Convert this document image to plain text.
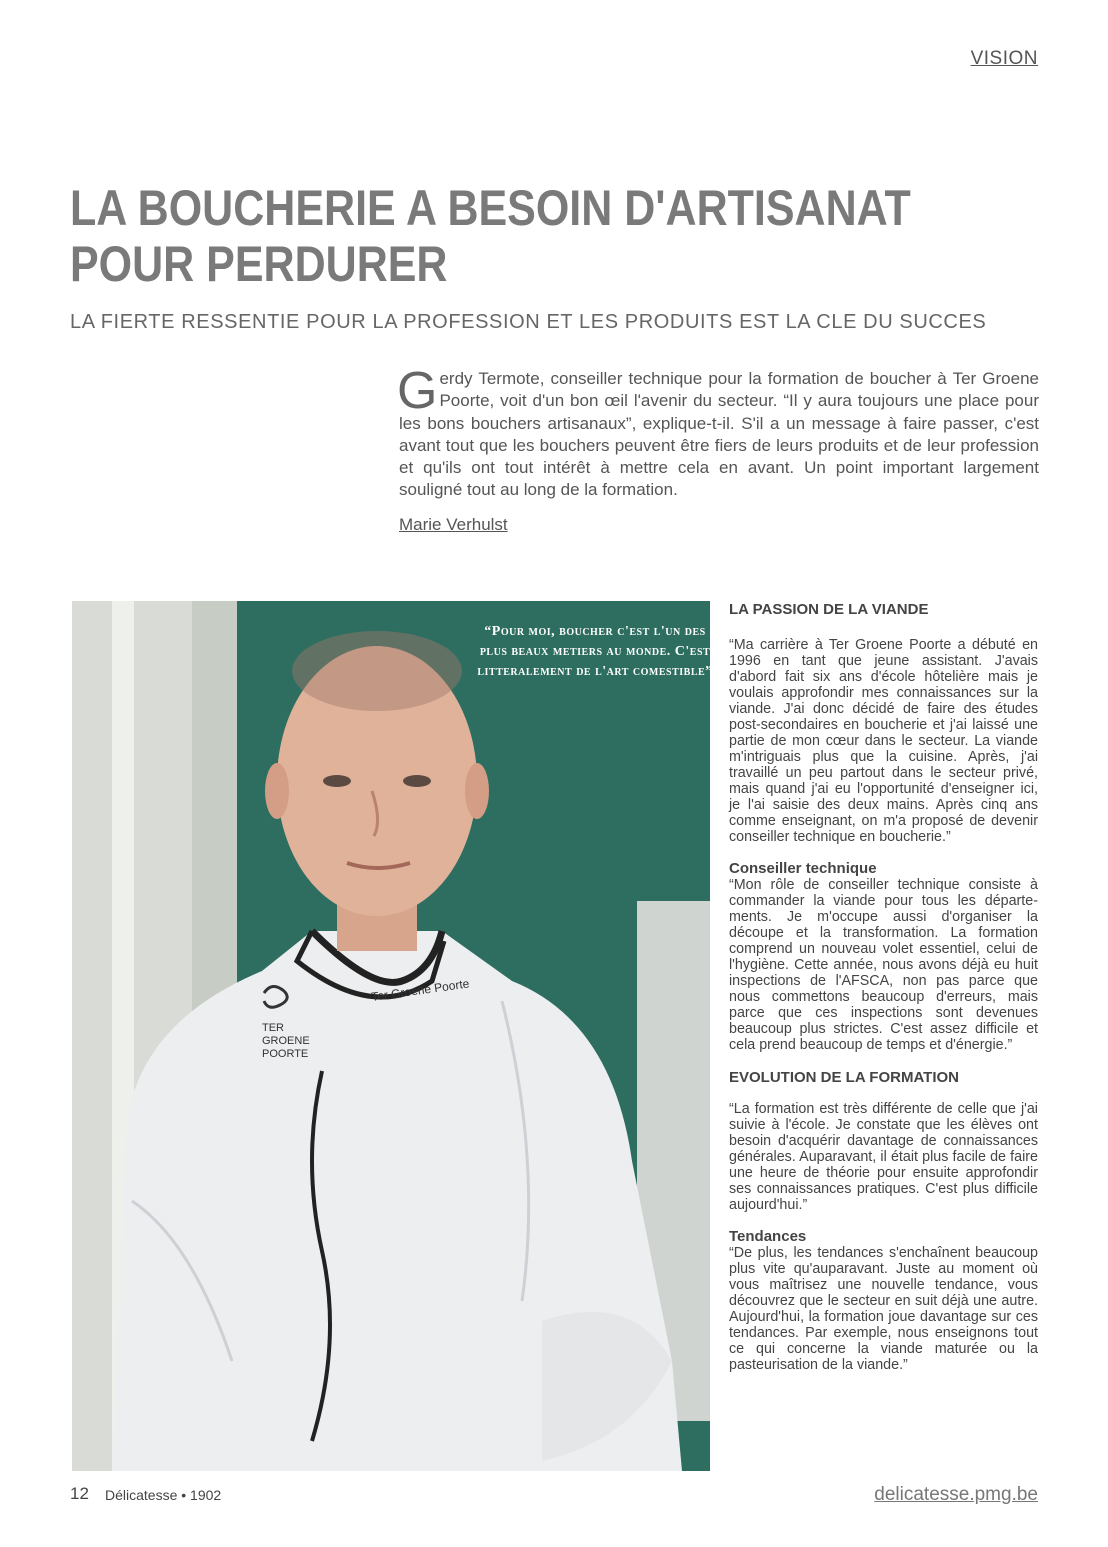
VISION
LA BOUCHERIE A BESOIN D'ARTISANAT
POUR PERDURER
LA FIERTE RESSENTIE POUR LA PROFESSION ET LES PRODUITS EST LA CLE DU SUCCES
Gerdy Termote, conseiller technique pour la formation de boucher à Ter Groene Poorte, voit d'un bon œil l'avenir du secteur. “Il y aura toujours une place pour les bons bouchers artisanaux”, explique-t-il. S'il a un message à faire passer, c'est avant tout que les bouchers peuvent être fiers de leurs produits et de leur profession et qu'ils ont tout intérêt à mettre cela en avant. Un point important largement souligné tout au long de la formation.
Marie Verhulst
TER
GROENE
POORTE
Ter Groene Poorte
“Pour moi, boucher c'est l'un des plus beaux metiers au monde. C'est litteralement de l'art comestible”
LA PASSION DE LA VIANDE

“Ma carrière à Ter Groene Poorte a débuté en 1996 en tant que jeune assistant. J'avais d'abord fait six ans d'école hôtelière mais je voulais approfondir mes connaissances sur la viande. J'ai donc décidé de faire des études post-secondaires en boucherie et j'ai laissé une partie de mon cœur dans le secteur. La viande m'intriguais plus que la cuisine. Après, j'ai travaillé un peu partout dans le secteur privé, mais quand j'ai eu l'opportunité d'enseigner ici, je l'ai saisie des deux mains. Après cinq ans comme enseignant, on m'a proposé de devenir conseiller technique en boucherie.”

Conseiller technique

“Mon rôle de conseiller technique consiste à commander la viande pour tous les départements. Je m'occupe aussi d'organiser la découpe et la transformation. La formation comprend un nouveau volet essentiel, celui de l'hygiène. Cette année, nous avons déjà eu huit inspections de l'AFSCA, non pas parce que nous commettons beaucoup d'erreurs, mais parce que ces inspections sont devenues beaucoup plus strictes. C'est assez difficile et cela prend beaucoup de temps et d'énergie.”

EVOLUTION DE LA FORMATION

“La formation est très différente de celle que j'ai suivie à l'école. Je constate que les élèves ont besoin d'acquérir davantage de connaissances générales. Auparavant, il était plus facile de faire une heure de théorie pour ensuite approfondir ses connaissances pratiques. C'est plus difficile aujourd'hui.”

Tendances

“De plus, les tendances s'enchaînent beaucoup plus vite qu'auparavant. Juste au moment où vous maîtrisez une nouvelle tendance, vous découvrez que le secteur en suit déjà une autre. Aujourd'hui, la formation joue davantage sur ces tendances. Par exemple, nous enseignons tout ce qui concerne la viande maturée ou la pasteurisation de la viande.”

12 Délicatesse • 1902	delicatesse.pmg.be
